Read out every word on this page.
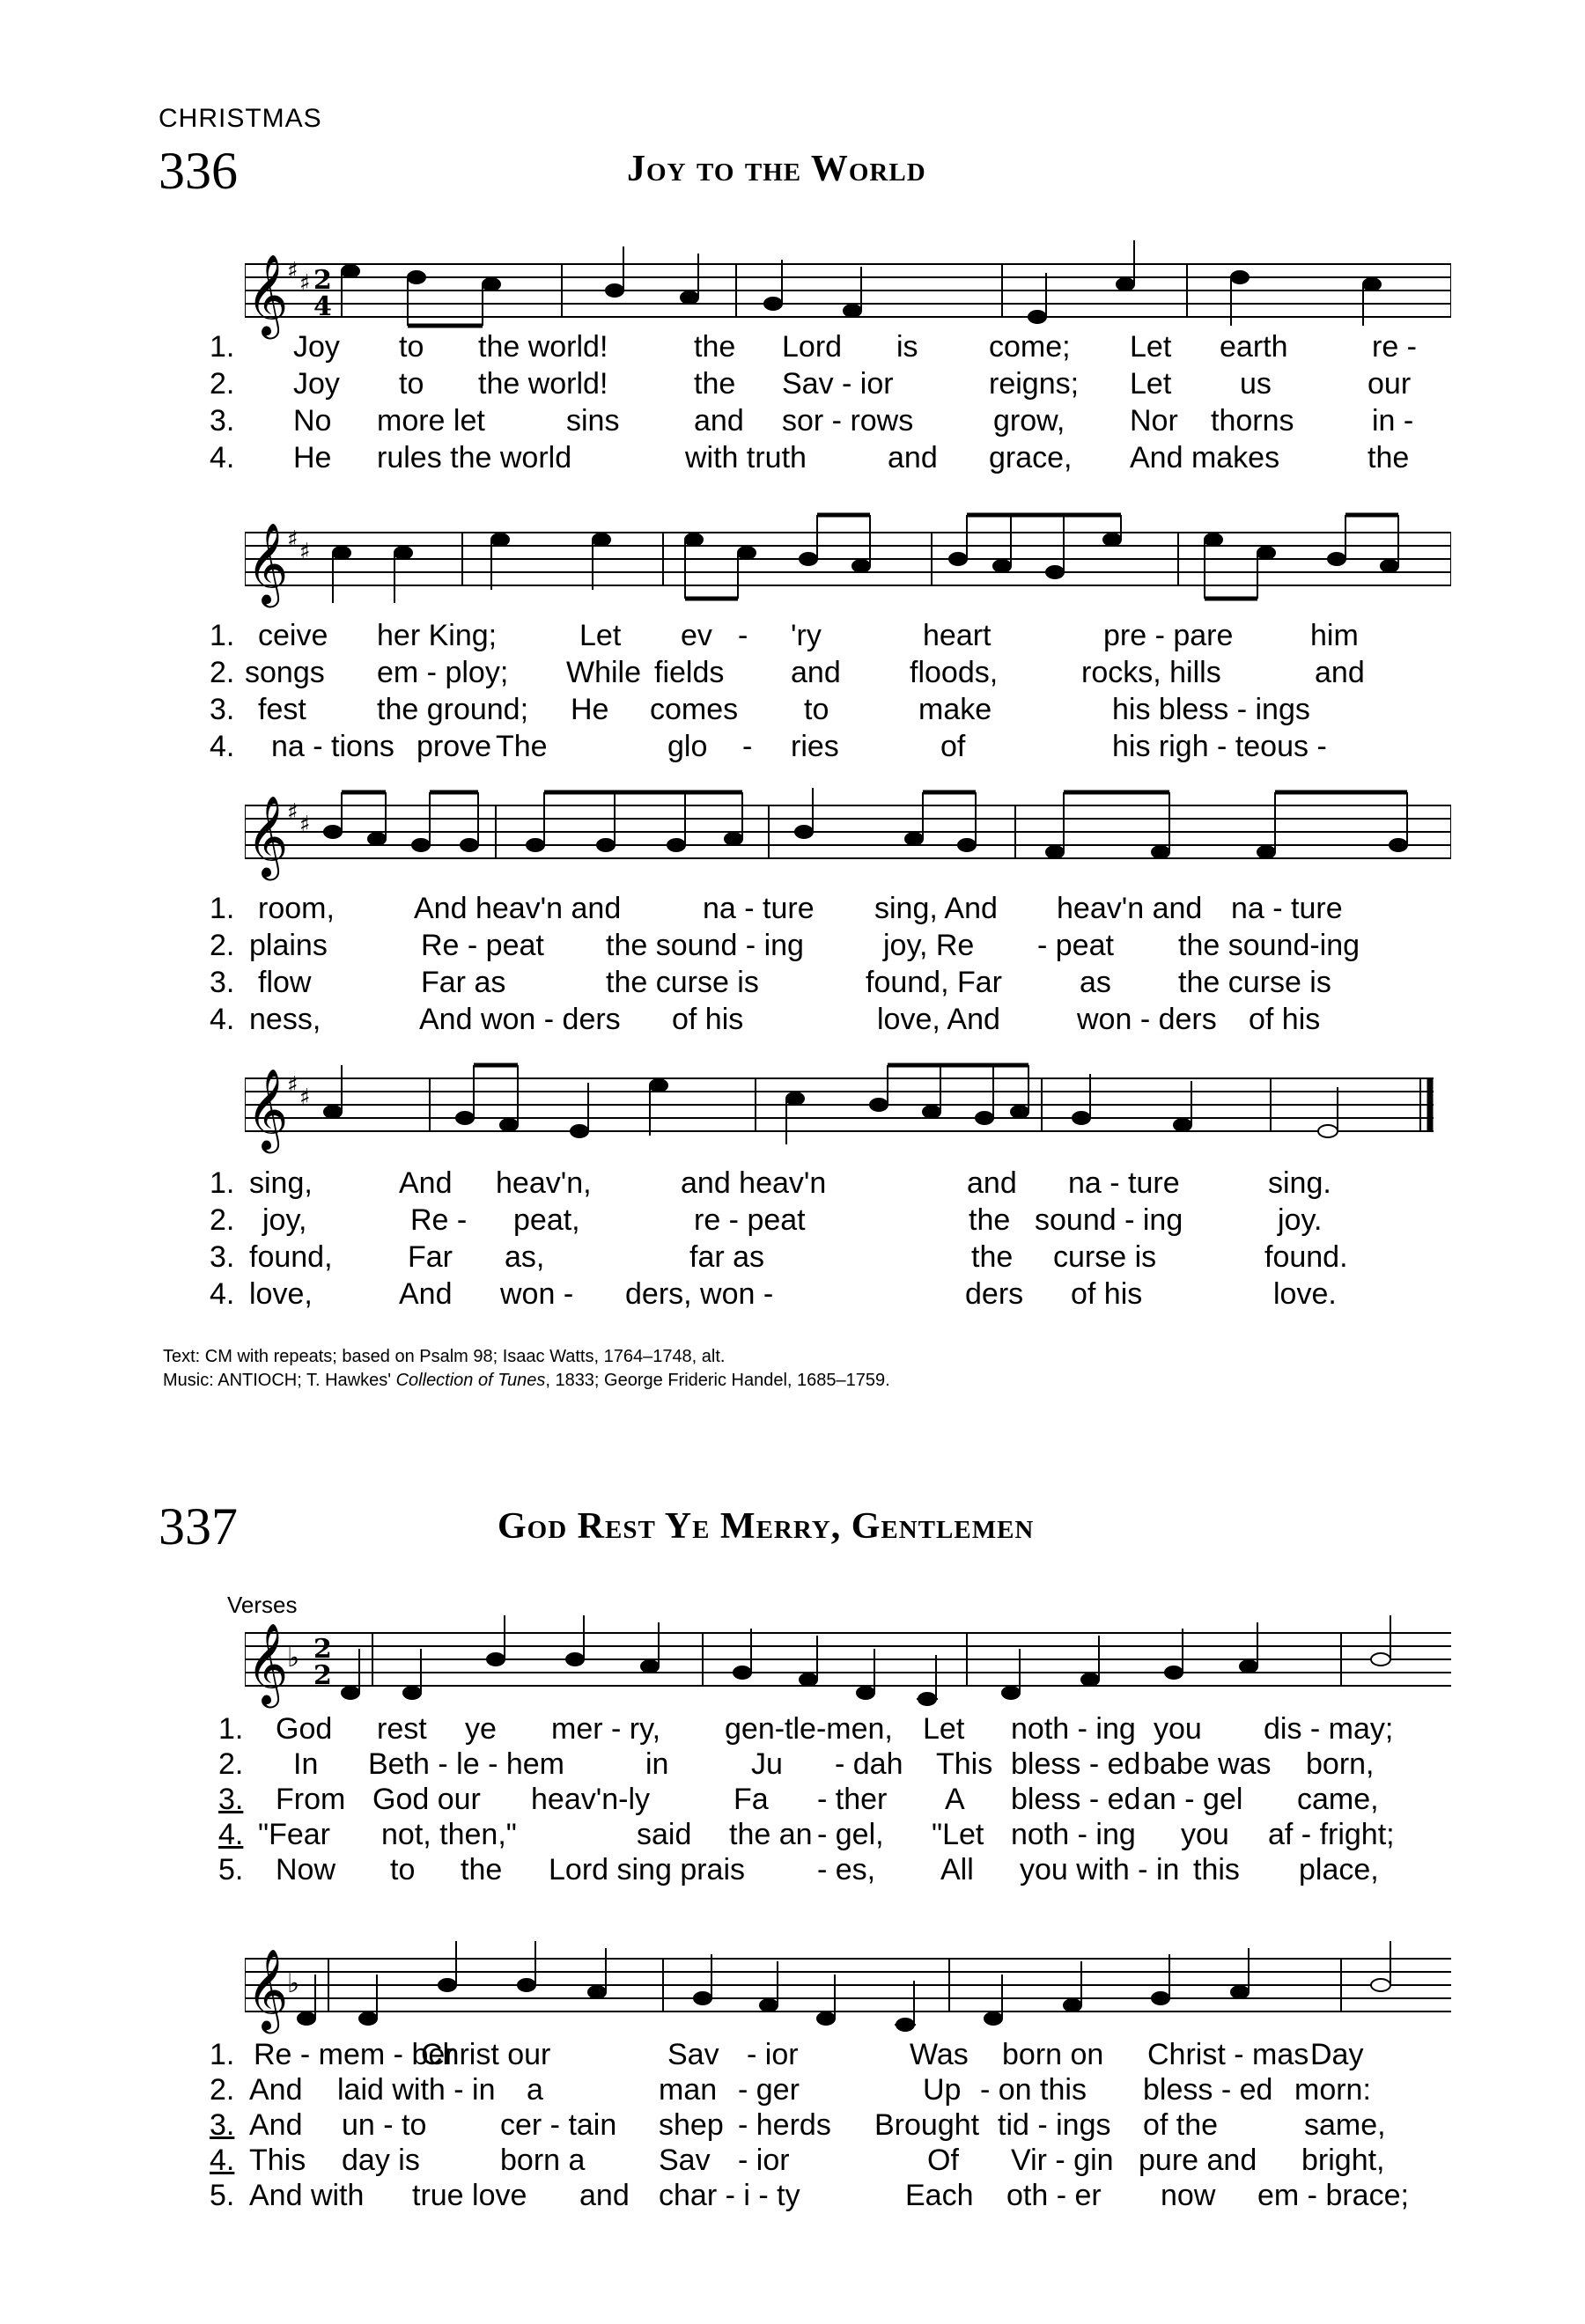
CHRISTMAS
336	Joy to the World
𝄞
♯ ♯ 2
4
1. Joy to the world!	the Lord is come; Let earth	re -
2. Joy to the world!	the Sav - ior	reigns; Let us	our
3. No more let	sins and sor - rows	grow, Nor thorns	in -
4. He rules the world	with truth	and grace, And makes	the
𝄞
♯ ♯
1. ceive her King;	Let ev - 'ry	heart	pre - pare	him
2. songs em - ploy; While fields and floods,	rocks, hills	and
3. fest the ground; He comes to	make	his bless - ings
4. na - tions prove The	glo - ries	of	his righ - teous -
𝄞
♯ ♯
1. room,	And heav'n and	na - ture sing, And heav'n and na - ture
2. plains	Re - peat the sound - ing	joy, Re - peat the sound-ing
3. flow	Far as	the curse is	found, Far	as the curse is
4. ness,	And won - ders of his	love, And	won - ders of his
𝄞
♯ ♯
1. sing,	And heav'n,	and heav'n	and na - ture	sing.
2. joy,	Re - peat,	re - peat	the sound - ing	joy.
3. found,	Far as,	far as	the curse is	found.
4. love,	And won - ders, won -	ders of his	love.
Text: CM with repeats; based on Psalm 98; Isaac Watts, 1764–1748, alt.
Music: ANTIOCH; T. Hawkes' Collection of Tunes, 1833; George Frideric Handel, 1685–1759.
337	God Rest Ye Merry, Gentlemen
Verses
𝄞
♭ 2
2
1. God rest ye mer - ry, gen-tle-men, Let noth - ing you dis - may;
2. In Beth - le - hem	in	Ju - dah This bless - ed babe was born,
3. From God our heav'n-ly	Fa - ther A bless - ed an - gel came,
4. "Fear not, then,"	said the an - gel, "Let noth - ing you af - fright;
5. Now to the Lord sing prais - es, All you with - in this place,
𝄞
♭
1. Re - mem - ber
Christ our	Sav - ior	Was born on Christ - mas Day
2. And laid with - in a	man - ger	Up - on this bless - ed morn:
3. And un - to cer - tain shep - herds Brought tid - ings of the	same,
4. This day is	born a Sav - ior	Of Vir - gin pure and bright,
5. And with true love and char - i - ty	Each oth - er now em - brace;
